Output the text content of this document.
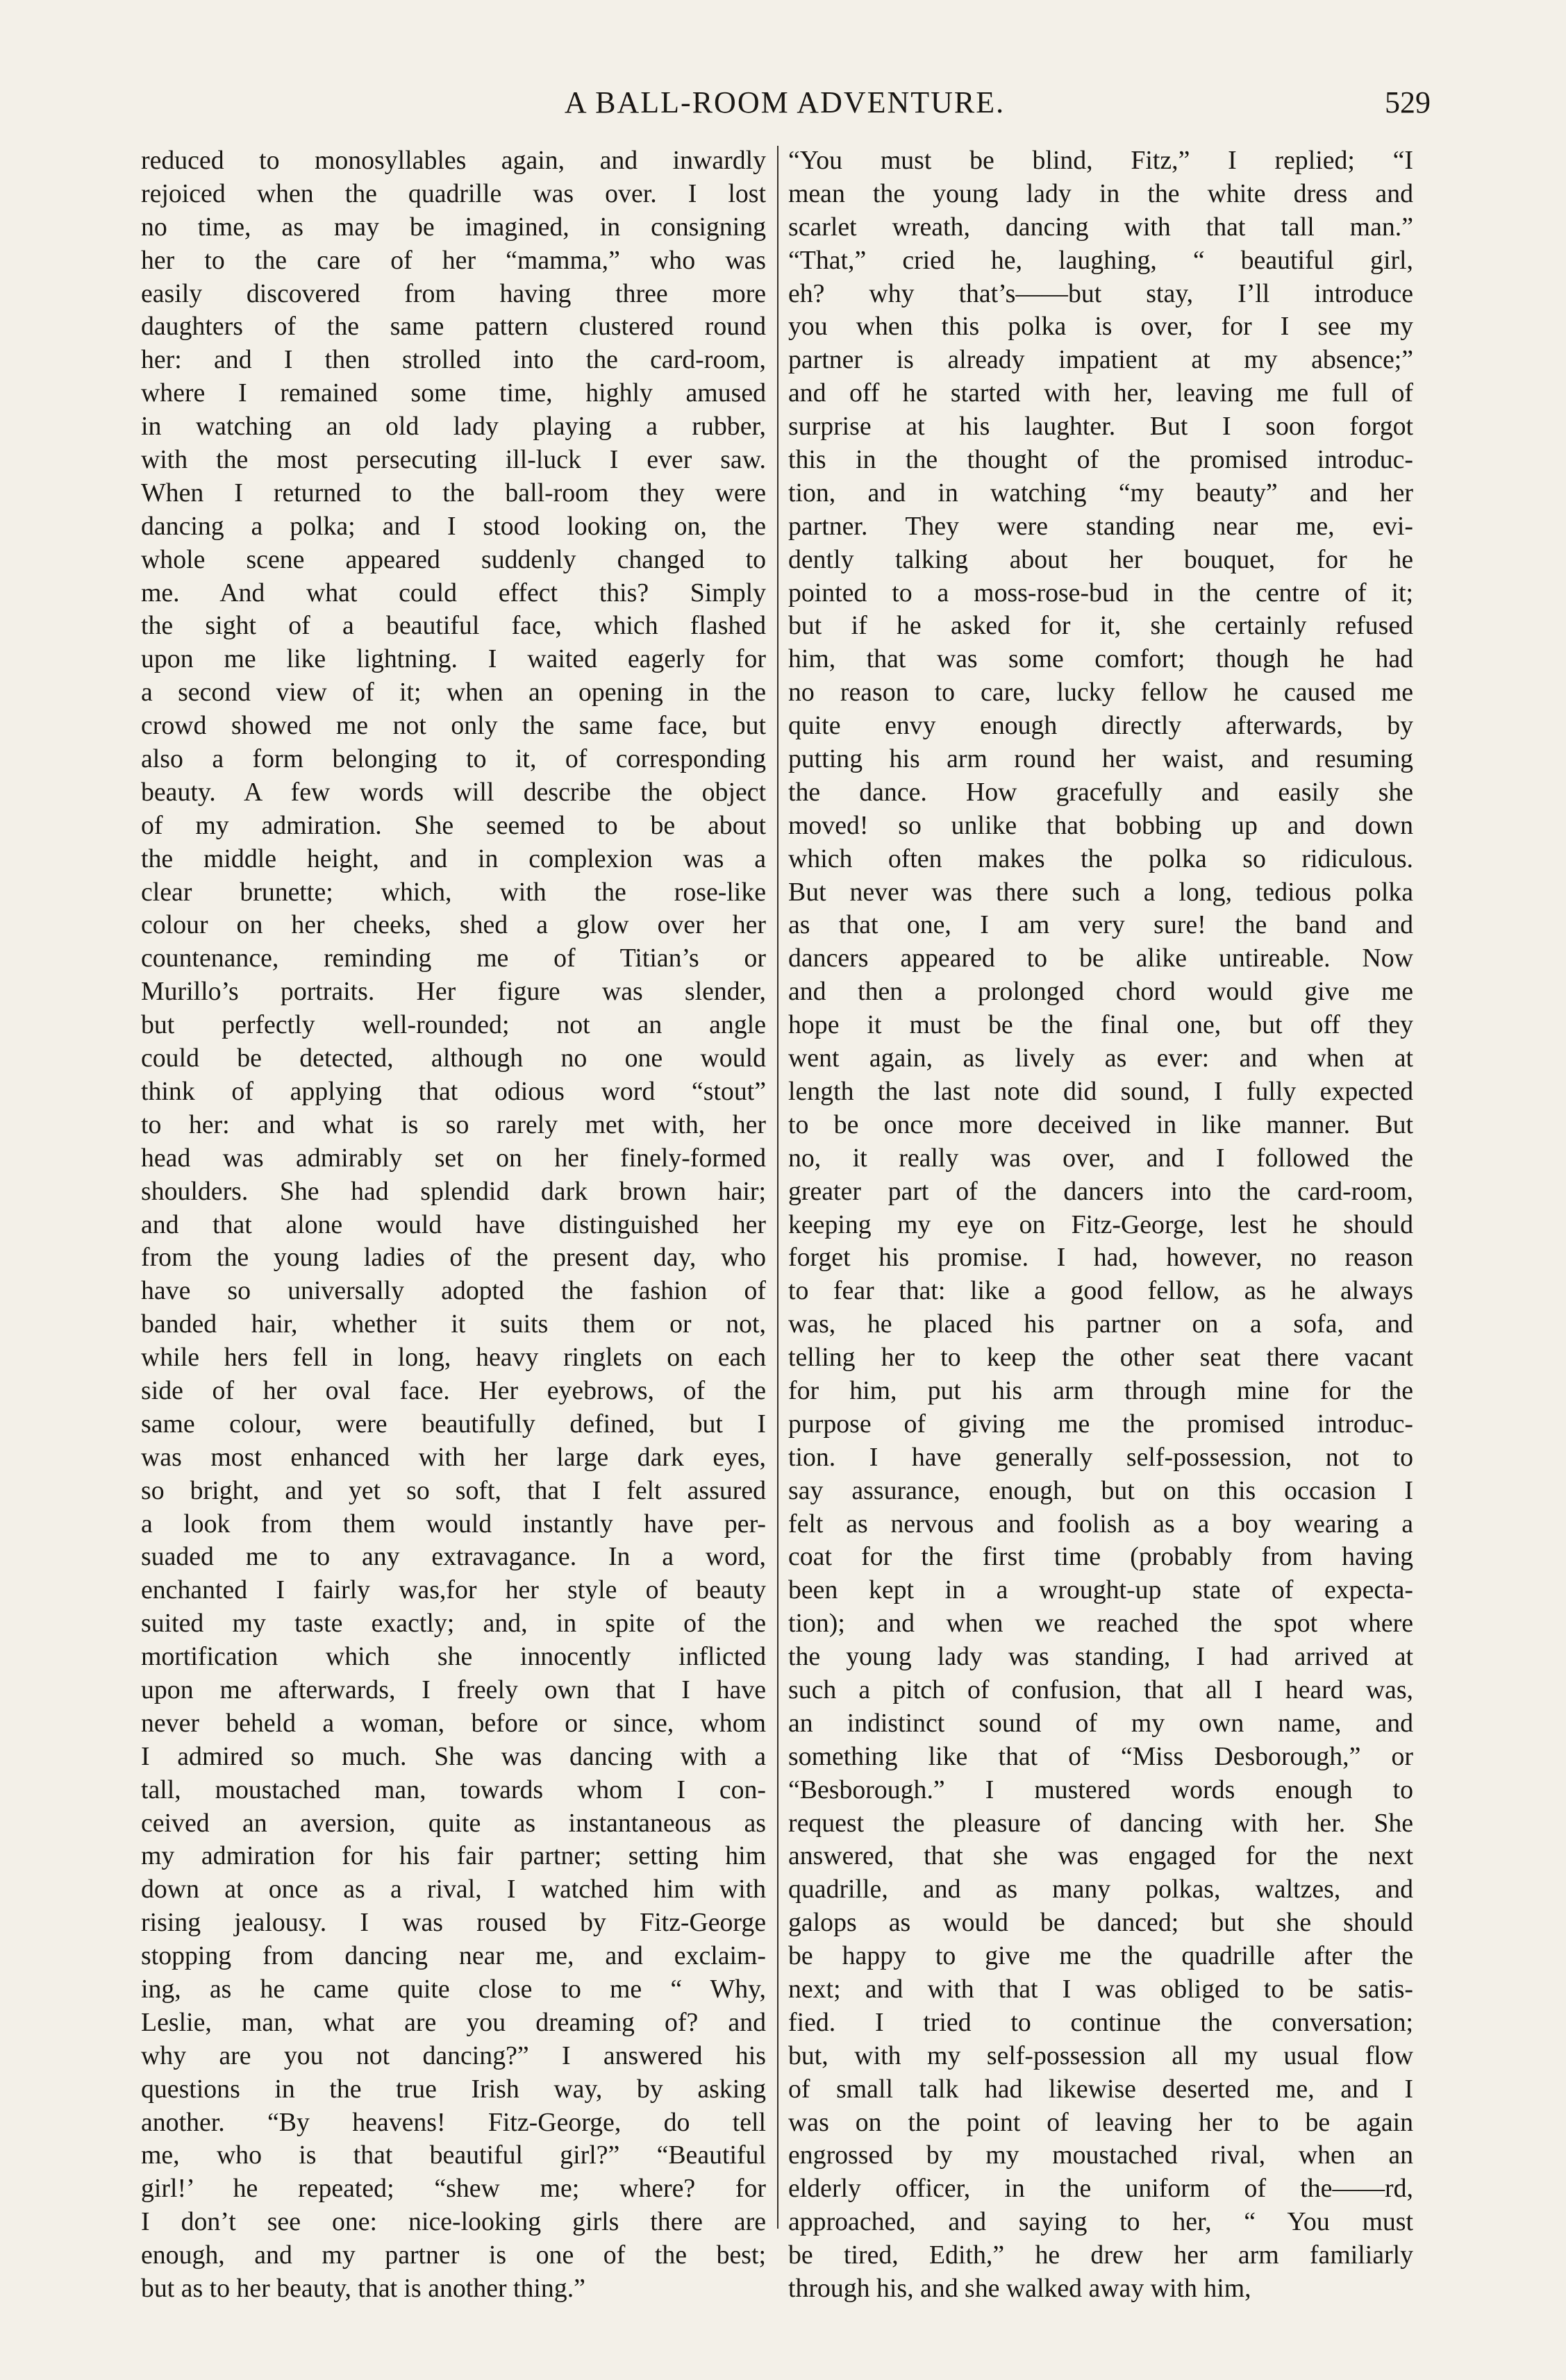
A BALL-ROOM ADVENTURE.	529
reduced to monosyllables again, and inwardly
rejoiced when the quadrille was over. I lost
no time, as may be imagined, in consigning
her to the care of her “mamma,” who was
easily discovered from having three more
daughters of the same pattern clustered round
her: and I then strolled into the card-room,
where I remained some time, highly amused
in watching an old lady playing a rubber,
with the most persecuting ill-luck I ever saw.
When I returned to the ball-room they were
dancing a polka; and I stood looking on, the
whole scene appeared suddenly changed to
me. And what could effect this? Simply
the sight of a beautiful face, which flashed
upon me like lightning. I waited eagerly for
a second view of it; when an opening in the
crowd showed me not only the same face, but
also a form belonging to it, of corresponding
beauty. A few words will describe the object
of my admiration. She seemed to be about
the middle height, and in complexion was a
clear brunette; which, with the rose-like
colour on her cheeks, shed a glow over her
countenance, reminding me of Titian’s or
Murillo’s portraits. Her figure was slender,
but perfectly well-rounded; not an angle
could be detected, although no one would
think of applying that odious word “stout”
to her: and what is so rarely met with, her
head was admirably set on her finely-formed
shoulders. She had splendid dark brown hair;
and that alone would have distinguished her
from the young ladies of the present day, who
have so universally adopted the fashion of
banded hair, whether it suits them or not,
while hers fell in long, heavy ringlets on each
side of her oval face. Her eyebrows, of the
same colour, were beautifully defined, but I
was most enhanced with her large dark eyes,
so bright, and yet so soft, that I felt assured
a look from them would instantly have per-
suaded me to any extravagance. In a word,
enchanted I fairly was,for her style of beauty
suited my taste exactly; and, in spite of the
mortification which she innocently inflicted
upon me afterwards, I freely own that I have
never beheld a woman, before or since, whom
I admired so much. She was dancing with a
tall, moustached man, towards whom I con-
ceived an aversion, quite as instantaneous as
my admiration for his fair partner; setting him
down at once as a rival, I watched him with
rising jealousy. I was roused by Fitz-George
stopping from dancing near me, and exclaim-
ing, as he came quite close to me “ Why,
Leslie, man, what are you dreaming of? and
why are you not dancing?” I answered his
questions in the true Irish way, by asking
another. “By heavens! Fitz-George, do tell
me, who is that beautiful girl?” “Beautiful
girl!’ he repeated; “shew me; where? for
I don’t see one: nice-looking girls there are
enough, and my partner is one of the best;
but as to her beauty, that is another thing.”
“You must be blind, Fitz,” I replied; “I
mean the young lady in the white dress and
scarlet wreath, dancing with that tall man.”
“That,” cried he, laughing, “ beautiful girl,
eh? why that’s——but stay, I’ll introduce
you when this polka is over, for I see my
partner is already impatient at my absence;”
and off he started with her, leaving me full of
surprise at his laughter. But I soon forgot
this in the thought of the promised introduc-
tion, and in watching “my beauty” and her
partner. They were standing near me, evi-
dently talking about her bouquet, for he
pointed to a moss-rose-bud in the centre of it;
but if he asked for it, she certainly refused
him, that was some comfort; though he had
no reason to care, lucky fellow he caused me
quite envy enough directly afterwards, by
putting his arm round her waist, and resuming
the dance. How gracefully and easily she
moved! so unlike that bobbing up and down
which often makes the polka so ridiculous.
But never was there such a long, tedious polka
as that one, I am very sure! the band and
dancers appeared to be alike untireable. Now
and then a prolonged chord would give me
hope it must be the final one, but off they
went again, as lively as ever: and when at
length the last note did sound, I fully expected
to be once more deceived in like manner. But
no, it really was over, and I followed the
greater part of the dancers into the card-room,
keeping my eye on Fitz-George, lest he should
forget his promise. I had, however, no reason
to fear that: like a good fellow, as he always
was, he placed his partner on a sofa, and
telling her to keep the other seat there vacant
for him, put his arm through mine for the
purpose of giving me the promised introduc-
tion. I have generally self-possession, not to
say assurance, enough, but on this occasion I
felt as nervous and foolish as a boy wearing a
coat for the first time (probably from having
been kept in a wrought-up state of expecta-
tion); and when we reached the spot where
the young lady was standing, I had arrived at
such a pitch of confusion, that all I heard was,
an indistinct sound of my own name, and
something like that of “Miss Desborough,” or
“Besborough.” I mustered words enough to
request the pleasure of dancing with her. She
answered, that she was engaged for the next
quadrille, and as many polkas, waltzes, and
galops as would be danced; but she should
be happy to give me the quadrille after the
next; and with that I was obliged to be satis-
fied. I tried to continue the conversation;
but, with my self-possession all my usual flow
of small talk had likewise deserted me, and I
was on the point of leaving her to be again
engrossed by my moustached rival, when an
elderly officer, in the uniform of the——rd,
approached, and saying to her, “ You must
be tired, Edith,” he drew her arm familiarly
through his, and she walked away with him,
